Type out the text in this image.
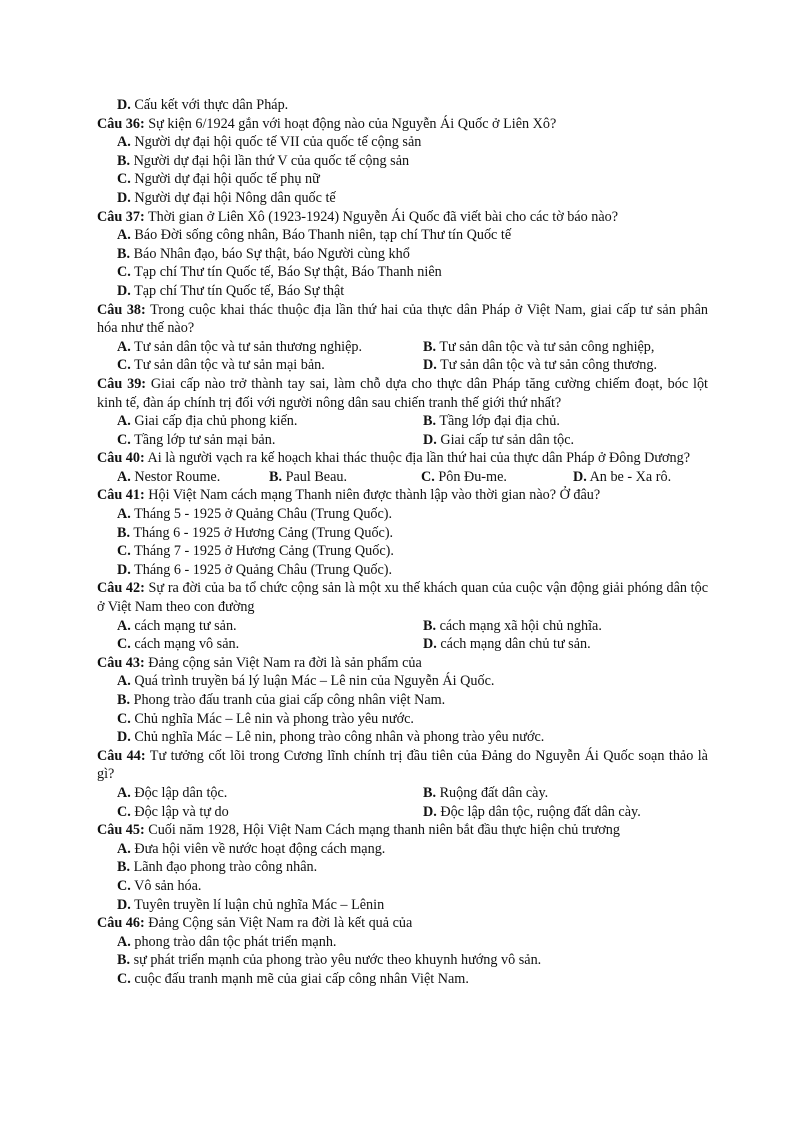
D. Cấu kết với thực dân Pháp.

Câu 36: Sự kiện 6/1924 gắn với hoạt động nào của Nguyễn Ái Quốc ở Liên Xô?

A. Người dự đại hội quốc tế VII của quốc tế cộng sản
B. Người dự đại hội lần thứ V của quốc tế cộng sản
C. Người dự đại hội quốc tế phụ nữ
D. Người dự đại hội Nông dân quốc tế

Câu 37: Thời gian ở Liên Xô (1923-1924) Nguyễn Ái Quốc đã viết bài cho các tờ báo nào?

A. Báo Đời sống công nhân, Báo Thanh niên, tạp chí Thư tín Quốc tế
B. Báo Nhân đạo, báo Sự thật, báo Người cùng khổ
C. Tạp chí Thư tín Quốc tế, Báo Sự thật, Báo Thanh niên
D. Tạp chí Thư tín Quốc tế, Báo Sự thật

Câu 38: Trong cuộc khai thác thuộc địa lần thứ hai của thực dân Pháp ở Việt Nam, giai cấp tư sản phân hóa như thế nào?

A. Tư sản dân tộc và tư sản thương nghiệp.	B. Tư sản dân tộc và tư sản công nghiệp,
C. Tư sản dân tộc và tư sản mại bản.	D. Tư sản dân tộc và tư sản công thương.

Câu 39: Giai cấp nào trở thành tay sai, làm chỗ dựa cho thực dân Pháp tăng cường chiếm đoạt, bóc lột kinh tế, đàn áp chính trị đối với người nông dân sau chiến tranh thế giới thứ nhất?

A. Giai cấp địa chủ phong kiến.	B. Tầng lớp đại địa chủ.
C. Tầng lớp tư sản mại bản.	D. Giai cấp tư sản dân tộc.

Câu 40: Ai là người vạch ra kế hoạch khai thác thuộc địa lần thứ hai của thực dân Pháp ở Đông Dương?

A. Nestor Roume.	B. Paul Beau.	C. Pôn Đu-me.	D. An be - Xa rô.

Câu 41: Hội Việt Nam cách mạng Thanh niên được thành lập vào thời gian nào? Ở đâu?

A. Tháng 5 - 1925 ở Quảng Châu (Trung Quốc).
B. Tháng 6 - 1925 ở Hương Cảng (Trung Quốc).
C. Tháng 7 - 1925 ở Hương Cảng (Trung Quốc).
D. Tháng 6 - 1925 ở Quảng Châu (Trung Quốc).

Câu 42: Sự ra đời của ba tổ chức cộng sản là một xu thế khách quan của cuộc vận động giải phóng dân tộc ở Việt Nam theo con đường

A. cách mạng tư sản.	B. cách mạng xã hội chủ nghĩa.
C. cách mạng vô sản.	D. cách mạng dân chủ tư sản.

Câu 43: Đảng cộng sản Việt Nam ra đời là sản phẩm của

A. Quá trình truyền bá lý luận Mác – Lê nin của Nguyễn Ái Quốc.
B. Phong trào đấu tranh của giai cấp công nhân việt Nam.
C. Chủ nghĩa Mác – Lê nin và phong trào yêu nước.
D. Chủ nghĩa Mác – Lê nin, phong trào công nhân và phong trào yêu nước.

Câu 44: Tư tưởng cốt lõi trong Cương lĩnh chính trị đầu tiên của Đảng do Nguyễn Ái Quốc soạn thảo là gì?

A. Độc lập dân tộc.	B. Ruộng đất dân cày.
C. Độc lập và tự do	D. Độc lập dân tộc, ruộng đất dân cày.

Câu 45: Cuối năm 1928, Hội Việt Nam Cách mạng thanh niên bắt đầu thực hiện chủ trương

A. Đưa hội viên về nước hoạt động cách mạng.
B. Lãnh đạo phong trào công nhân.
C. Vô sản hóa.
D. Tuyên truyền lí luận chủ nghĩa Mác – Lênin

Câu 46: Đảng Cộng sản Việt Nam ra đời là kết quả của

A. phong trào dân tộc phát triển mạnh.
B. sự phát triển mạnh của phong trào yêu nước theo khuynh hướng vô sản.
C. cuộc đấu tranh mạnh mẽ của giai cấp công nhân Việt Nam.
